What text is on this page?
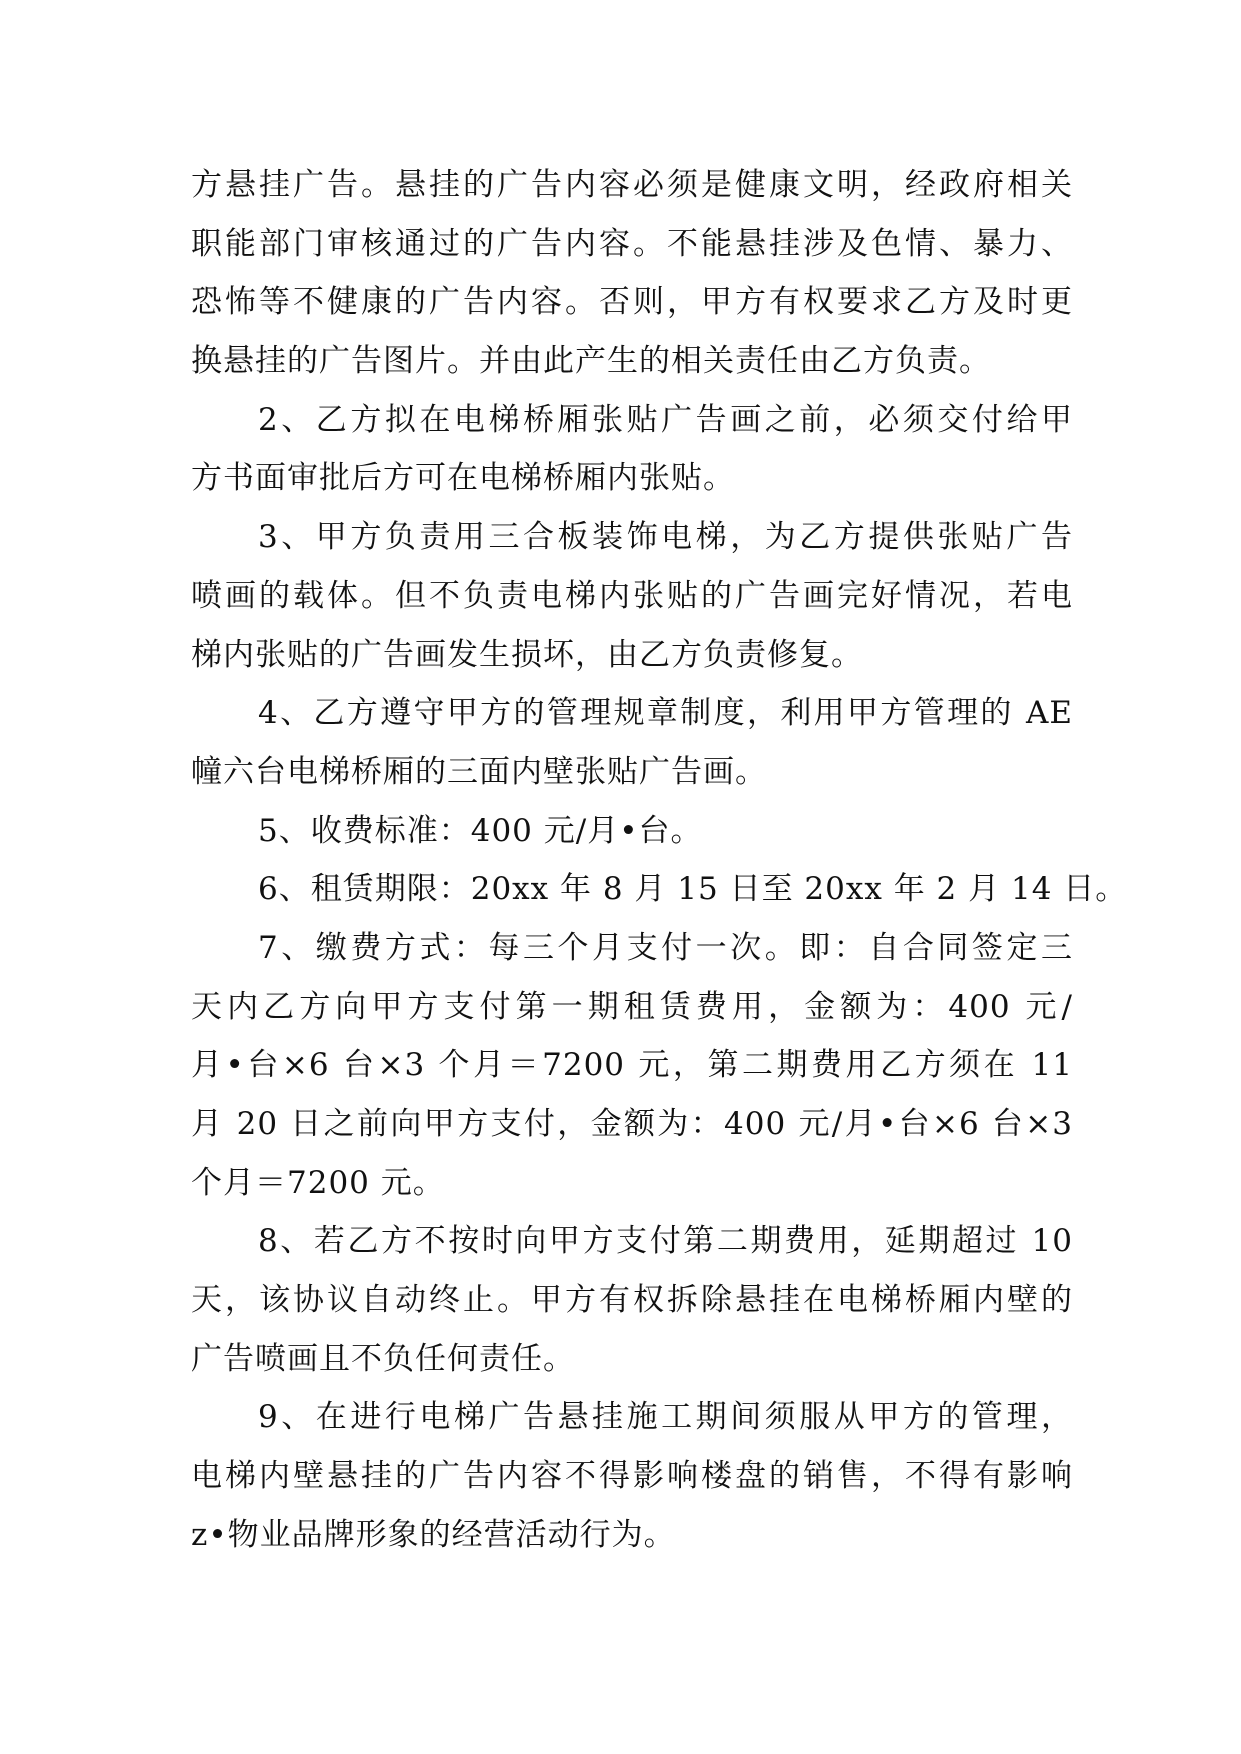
方悬挂广告。悬挂的广告内容必须是健康文明，经政府相关
职能部门审核通过的广告内容。不能悬挂涉及色情、暴力、
恐怖等不健康的广告内容。否则，甲方有权要求乙方及时更
换悬挂的广告图片。并由此产生的相关责任由乙方负责。
2、乙方拟在电梯桥厢张贴广告画之前，必须交付给甲
方书面审批后方可在电梯桥厢内张贴。
3、甲方负责用三合板装饰电梯，为乙方提供张贴广告
喷画的载体。但不负责电梯内张贴的广告画完好情况，若电
梯内张贴的广告画发生损坏，由乙方负责修复。
4、乙方遵守甲方的管理规章制度，利用甲方管理的 AE
幢六台电梯桥厢的三面内壁张贴广告画。
5、收费标准：400 元/月•台。
6、租赁期限：20xx 年 8 月 15 日至 20xx 年 2 月 14 日。
7、缴费方式：每三个月支付一次。即：自合同签定三
天内乙方向甲方支付第一期租赁费用，金额为：400 元/
月•台×6 台×3 个月＝7200 元，第二期费用乙方须在 11
月 20 日之前向甲方支付，金额为：400 元/月•台×6 台×3
个月＝7200 元。
8、若乙方不按时向甲方支付第二期费用，延期超过 10
天，该协议自动终止。甲方有权拆除悬挂在电梯桥厢内壁的
广告喷画且不负任何责任。
9、在进行电梯广告悬挂施工期间须服从甲方的管理，
电梯内壁悬挂的广告内容不得影响楼盘的销售，不得有影响
z•物业品牌形象的经营活动行为。
